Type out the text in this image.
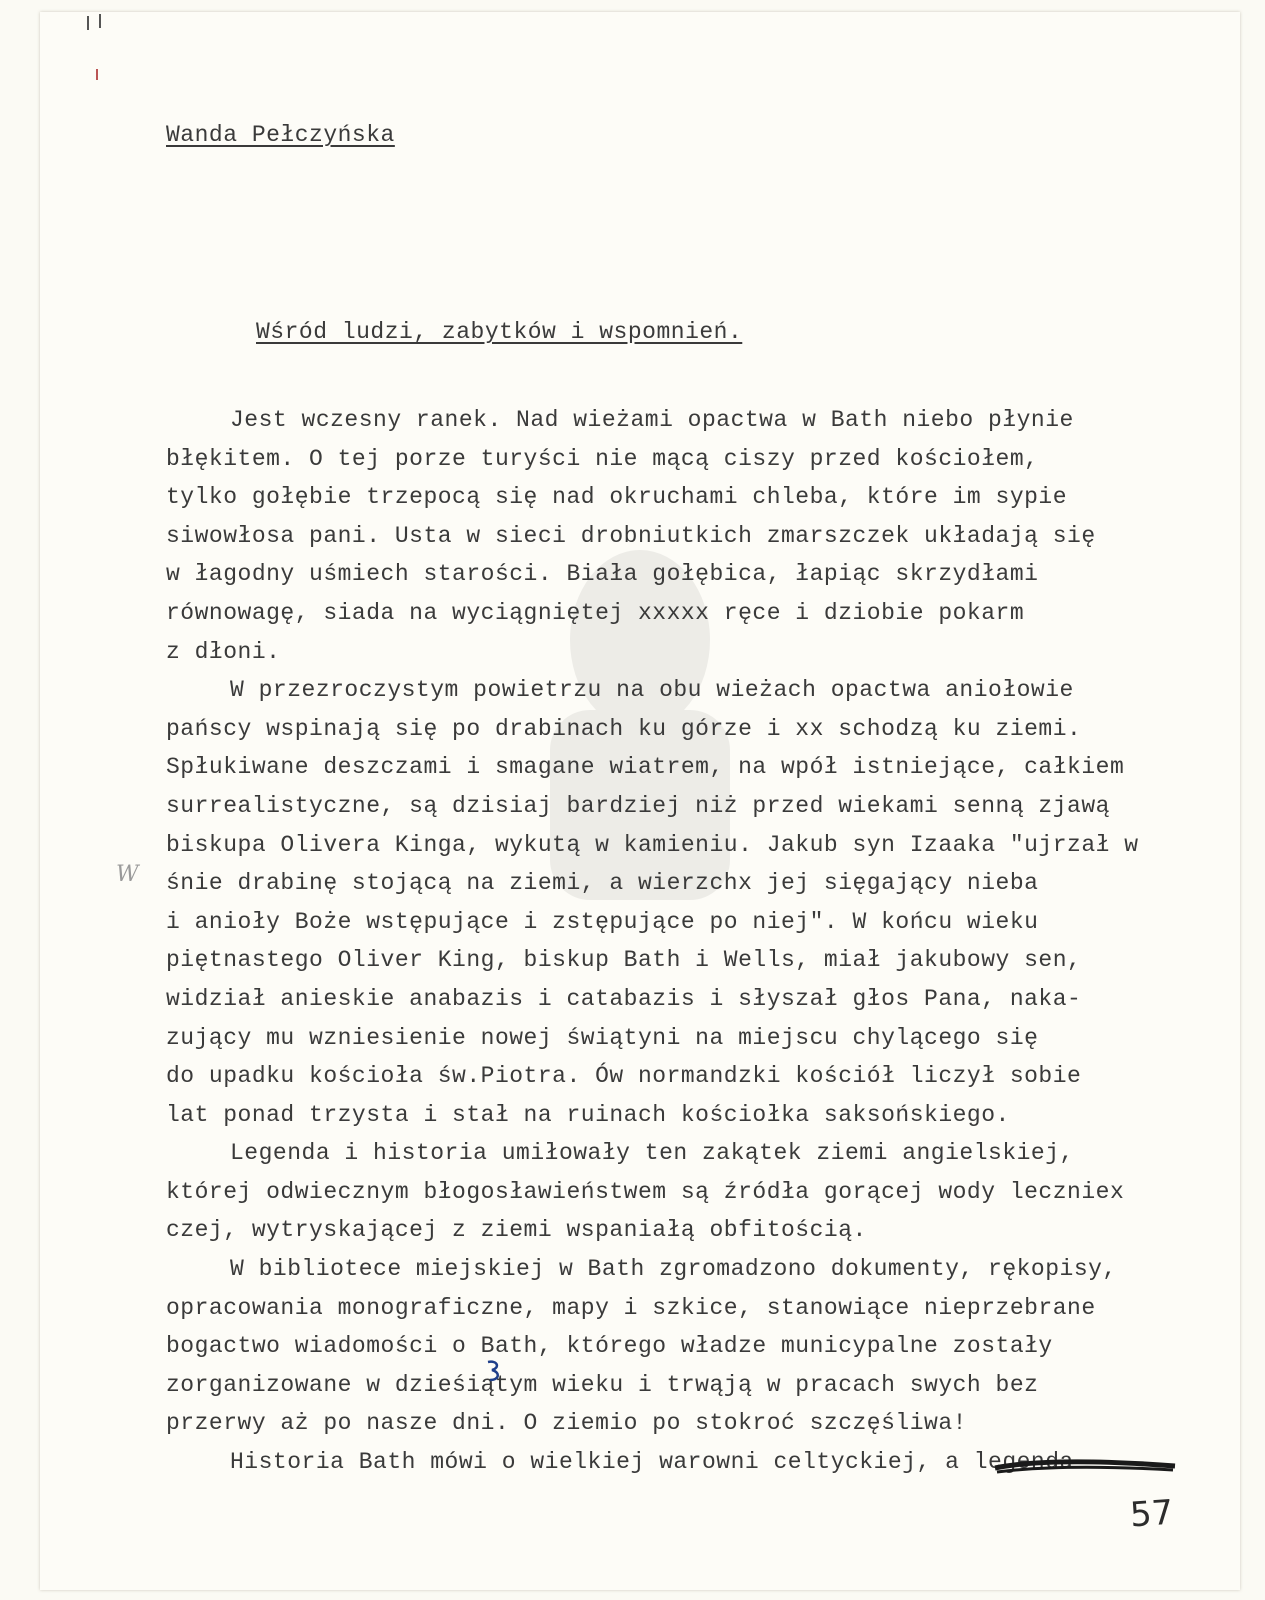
Wanda Pełczyńska
Wśród ludzi, zabytków i wspomnień.
Jest wczesny ranek. Nad wieżami opactwa w Bath niebo płynie
błękitem. O tej porze turyści nie mącą ciszy przed kościołem,
tylko gołębie trzepocą się nad okruchami chleba, które im sypie
siwowłosa pani. Usta w sieci drobniutkich zmarszczek układają się
w łagodny uśmiech starości. Biała gołębica, łapiąc skrzydłami
równowagę, siada na wyciągniętej xxxxx ręce i dziobie pokarm
z dłoni.
W przezroczystym powietrzu na obu wieżach opactwa aniołowie
pańscy wspinają się po drabinach ku górze i xx schodzą ku ziemi.
Spłukiwane deszczami i smagane wiatrem, na wpół istniejące, całkiem
surrealistyczne, są dzisiaj bardziej niż przed wiekami senną zjawą
biskupa Olivera Kinga, wykutą w kamieniu. Jakub syn Izaaka "ujrzał w
śnie drabinę stojącą na ziemi, a wierzchx jej sięgający nieba
i anioły Boże wstępujące i zstępujące po niej". W końcu wieku
piętnastego Oliver King, biskup Bath i Wells, miał jakubowy sen,
widział anieskie anabazis i catabazis i słyszał głos Pana, naka-
zujący mu wzniesienie nowej świątyni na miejscu chylącego się
do upadku kościoła św.Piotra. Ów normandzki kościół liczył sobie
lat ponad trzysta i stał na ruinach kościołka saksońskiego.
Legenda i historia umiłowały ten zakątek ziemi angielskiej,
której odwiecznym błogosławieństwem są źródła gorącej wody leczniex
czej, wytryskającej z ziemi wspaniałą obfitością.
W bibliotece miejskiej w Bath zgromadzono dokumenty, rękopisy,
opracowania monograficzne, mapy i szkice, stanowiące nieprzebrane
bogactwo wiadomości o Bath, którego władze municypalne zostały
zorganizowane w dzieśiątym wieku i trwąją w pracach swych bez
przerwy aż po nasze dni. O ziemio po stokroć szczęśliwa!
Historia Bath mówi o wielkiej warowni celtyckiej, a legenda
W
57
